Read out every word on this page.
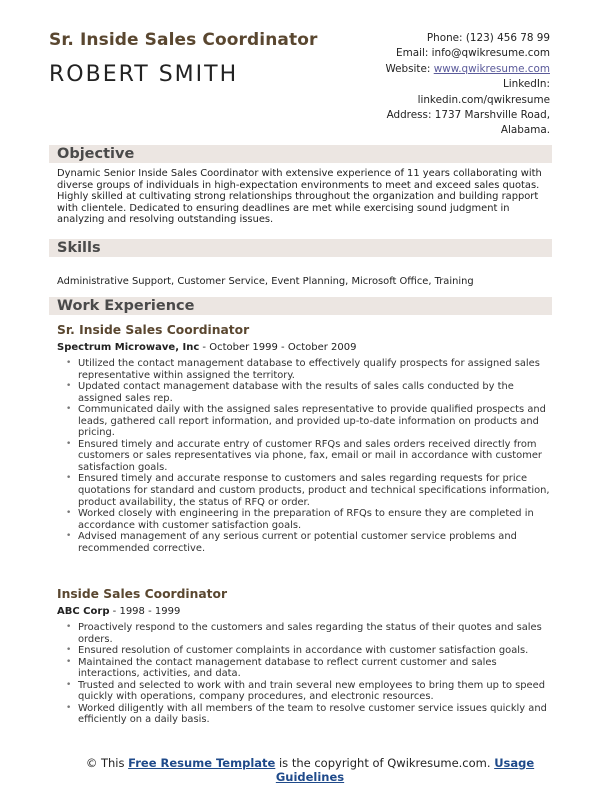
Sr. Inside Sales Coordinator
ROBERT SMITH
Phone: (123) 456 78 99
Email: info@qwikresume.com
Website: www.qwikresume.com
LinkedIn:
linkedin.com/qwikresume
Address: 1737 Marshville Road,
Alabama.
Objective

Dynamic Senior Inside Sales Coordinator with extensive experience of 11 years collaborating with diverse groups of individuals in high-expectation environments to meet and exceed sales quotas. Highly skilled at cultivating strong relationships throughout the organization and building rapport with clientele. Dedicated to ensuring deadlines are met while exercising sound judgment in analyzing and resolving outstanding issues.

Skills

Administrative Support, Customer Service, Event Planning, Microsoft Office, Training

Work Experience
Sr. Inside Sales Coordinator

Spectrum Microwave, Inc - October 1999 - October 2009

• Utilized the contact management database to effectively qualify prospects for assigned sales representative within assigned the territory.
• Updated contact management database with the results of sales calls conducted by the assigned sales rep.
• Communicated daily with the assigned sales representative to provide qualified prospects and leads, gathered call report information, and provided up-to-date information on products and pricing.
• Ensured timely and accurate entry of customer RFQs and sales orders received directly from customers or sales representatives via phone, fax, email or mail in accordance with customer satisfaction goals.
• Ensured timely and accurate response to customers and sales regarding requests for price quotations for standard and custom products, product and technical specifications information, product availability, the status of RFQ or order.
• Worked closely with engineering in the preparation of RFQs to ensure they are completed in accordance with customer satisfaction goals.
• Advised management of any serious current or potential customer service problems and recommended corrective.
Inside Sales Coordinator

ABC Corp - 1998 - 1999

• Proactively respond to the customers and sales regarding the status of their quotes and sales orders.
• Ensured resolution of customer complaints in accordance with customer satisfaction goals.
• Maintained the contact management database to reflect current customer and sales interactions, activities, and data.
• Trusted and selected to work with and train several new employees to bring them up to speed quickly with operations, company procedures, and electronic resources.
• Worked diligently with all members of the team to resolve customer service issues quickly and efficiently on a daily basis.
© This Free Resume Template is the copyright of Qwikresume.com. Usage Guidelines
